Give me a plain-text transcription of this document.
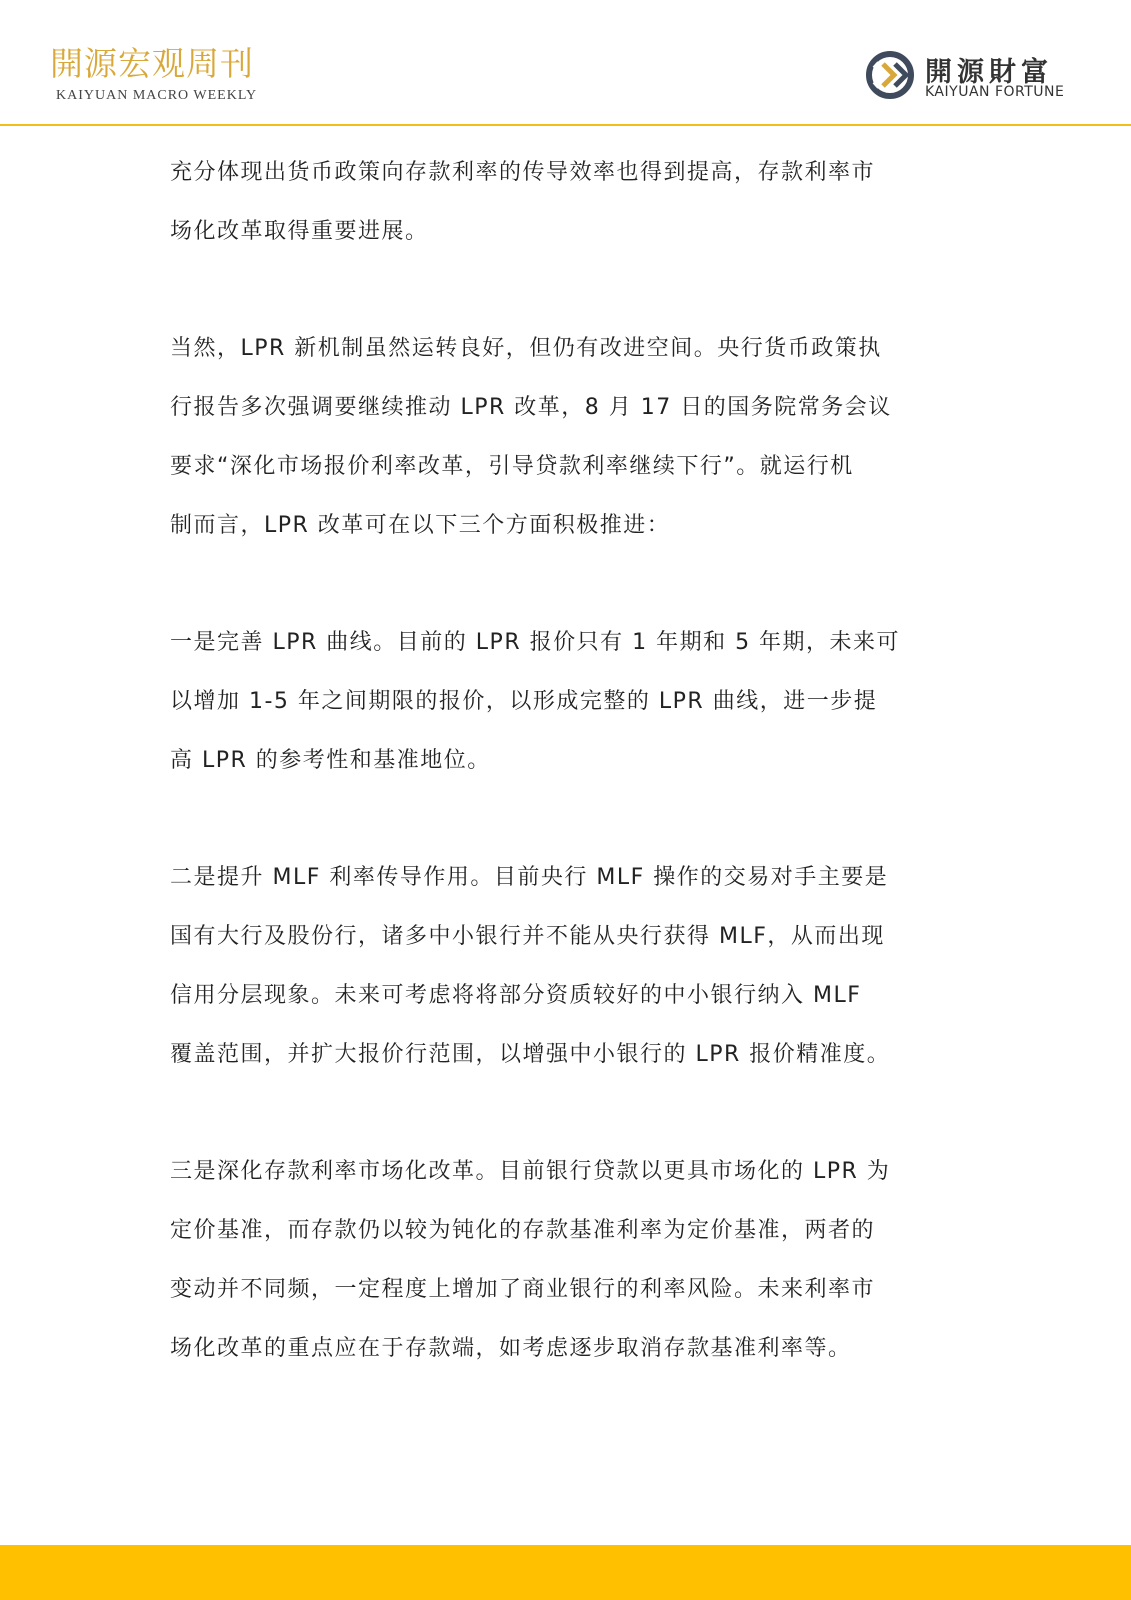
開源宏观周刊
KAIYUAN MACRO WEEKLY
開源財富
KAIYUAN FORTUNE
充分体现出货币政策向存款利率的传导效率也得到提高，存款利率市
场化改革取得重要进展。
当然，LPR 新机制虽然运转良好，但仍有改进空间。央行货币政策执
行报告多次强调要继续推动 LPR 改革，8 月 17 日的国务院常务会议
要求“深化市场报价利率改革，引导贷款利率继续下行”。就运行机
制而言，LPR 改革可在以下三个方面积极推进：
一是完善 LPR 曲线。目前的 LPR 报价只有 1 年期和 5 年期，未来可
以增加 1-5 年之间期限的报价，以形成完整的 LPR 曲线，进一步提
高 LPR 的参考性和基准地位。
二是提升 MLF 利率传导作用。目前央行 MLF 操作的交易对手主要是
国有大行及股份行，诸多中小银行并不能从央行获得 MLF，从而出现
信用分层现象。未来可考虑将将部分资质较好的中小银行纳入 MLF
覆盖范围，并扩大报价行范围，以增强中小银行的 LPR 报价精准度。
三是深化存款利率市场化改革。目前银行贷款以更具市场化的 LPR 为
定价基准，而存款仍以较为钝化的存款基准利率为定价基准，两者的
变动并不同频，一定程度上增加了商业银行的利率风险。未来利率市
场化改革的重点应在于存款端，如考虑逐步取消存款基准利率等。
